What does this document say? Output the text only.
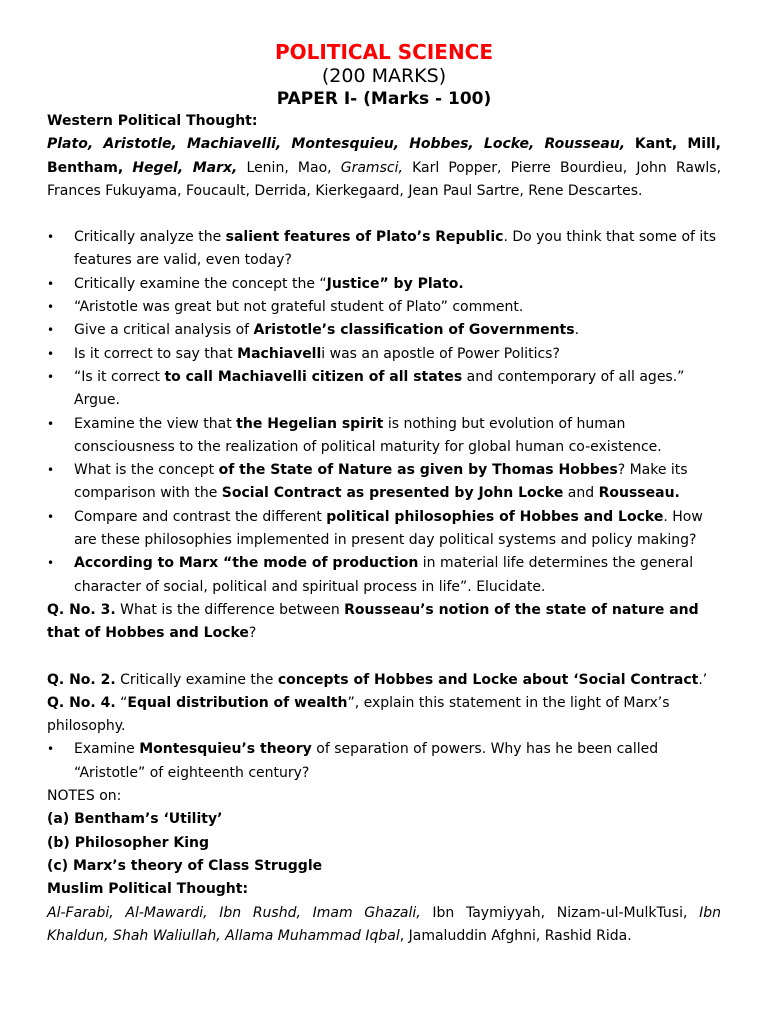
POLITICAL SCIENCE
(200 MARKS)
PAPER I- (Marks - 100)

Western Political Thought:

Plato, Aristotle, Machiavelli, Montesquieu, Hobbes, Locke, Rousseau, Kant, Mill, Bentham, Hegel, Marx, Lenin, Mao, Gramsci, Karl Popper, Pierre Bourdieu, John Rawls, Frances Fukuyama, Foucault, Derrida, Kierkegaard, Jean Paul Sartre, Rene Descartes.

• Critically analyze the salient features of Plato’s Republic. Do you think that some of its features are valid, even today?
• Critically examine the concept the “Justice” by Plato.
• “Aristotle was great but not grateful student of Plato” comment.
• Give a critical analysis of Aristotle’s classification of Governments.
• Is it correct to say that Machiavelli was an apostle of Power Politics?
• “Is it correct to call Machiavelli citizen of all states and contemporary of all ages.” Argue.
• Examine the view that the Hegelian spirit is nothing but evolution of human consciousness to the realization of political maturity for global human co-existence.
• What is the concept of the State of Nature as given by Thomas Hobbes? Make its comparison with the Social Contract as presented by John Locke and Rousseau.
• Compare and contrast the different political philosophies of Hobbes and Locke. How are these philosophies implemented in present day political systems and policy making?
• According to Marx “the mode of production in material life determines the general character of social, political and spiritual process in life”. Elucidate.

Q. No. 3. What is the difference between Rousseau’s notion of the state of nature and that of Hobbes and Locke?

Q. No. 2. Critically examine the concepts of Hobbes and Locke about ‘Social Contract.’

Q. No. 4. “Equal distribution of wealth”, explain this statement in the light of Marx’s philosophy.

• Examine Montesquieu’s theory of separation of powers. Why has he been called “Aristotle” of eighteenth century?

NOTES on:

(a) Bentham’s ‘Utility’

(b) Philosopher King

(c) Marx’s theory of Class Struggle

Muslim Political Thought:

Al-Farabi, Al-Mawardi, Ibn Rushd, Imam Ghazali, Ibn Taymiyyah, Nizam-ul-MulkTusi, Ibn Khaldun, Shah Waliullah, Allama Muhammad Iqbal, Jamaluddin Afghni, Rashid Rida.
